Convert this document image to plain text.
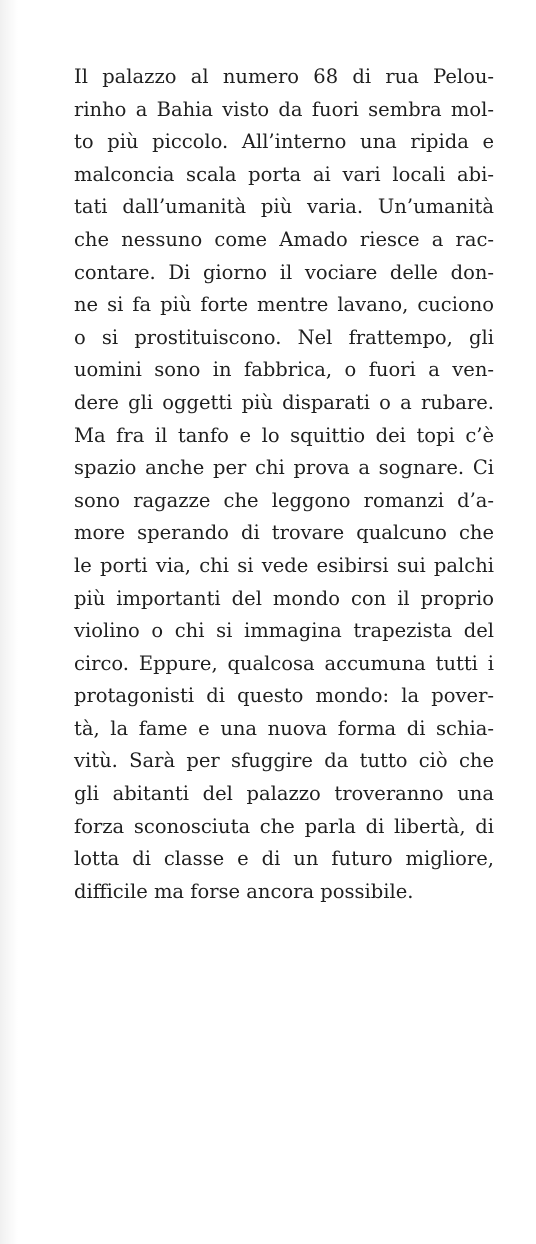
Il palazzo al numero 68 di rua Pelou-
rinho a Bahia visto da fuori sembra mol-
to più piccolo. All’interno una ripida e
malconcia scala porta ai vari locali abi-
tati dall’umanità più varia. Un’umanità
che nessuno come Amado riesce a rac-
contare. Di giorno il vociare delle don-
ne si fa più forte mentre lavano, cuciono
o si prostituiscono. Nel frattempo, gli
uomini sono in fabbrica, o fuori a ven-
dere gli oggetti più disparati o a rubare.
Ma fra il tanfo e lo squittio dei topi c’è
spazio anche per chi prova a sognare. Ci
sono ragazze che leggono romanzi d’a-
more sperando di trovare qualcuno che
le porti via, chi si vede esibirsi sui palchi
più importanti del mondo con il proprio
violino o chi si immagina trapezista del
circo. Eppure, qualcosa accumuna tutti i
protagonisti di questo mondo: la pover-
tà, la fame e una nuova forma di schia-
vitù. Sarà per sfuggire da tutto ciò che
gli abitanti del palazzo troveranno una
forza sconosciuta che parla di libertà, di
lotta di classe e di un futuro migliore,
difficile ma forse ancora possibile.
